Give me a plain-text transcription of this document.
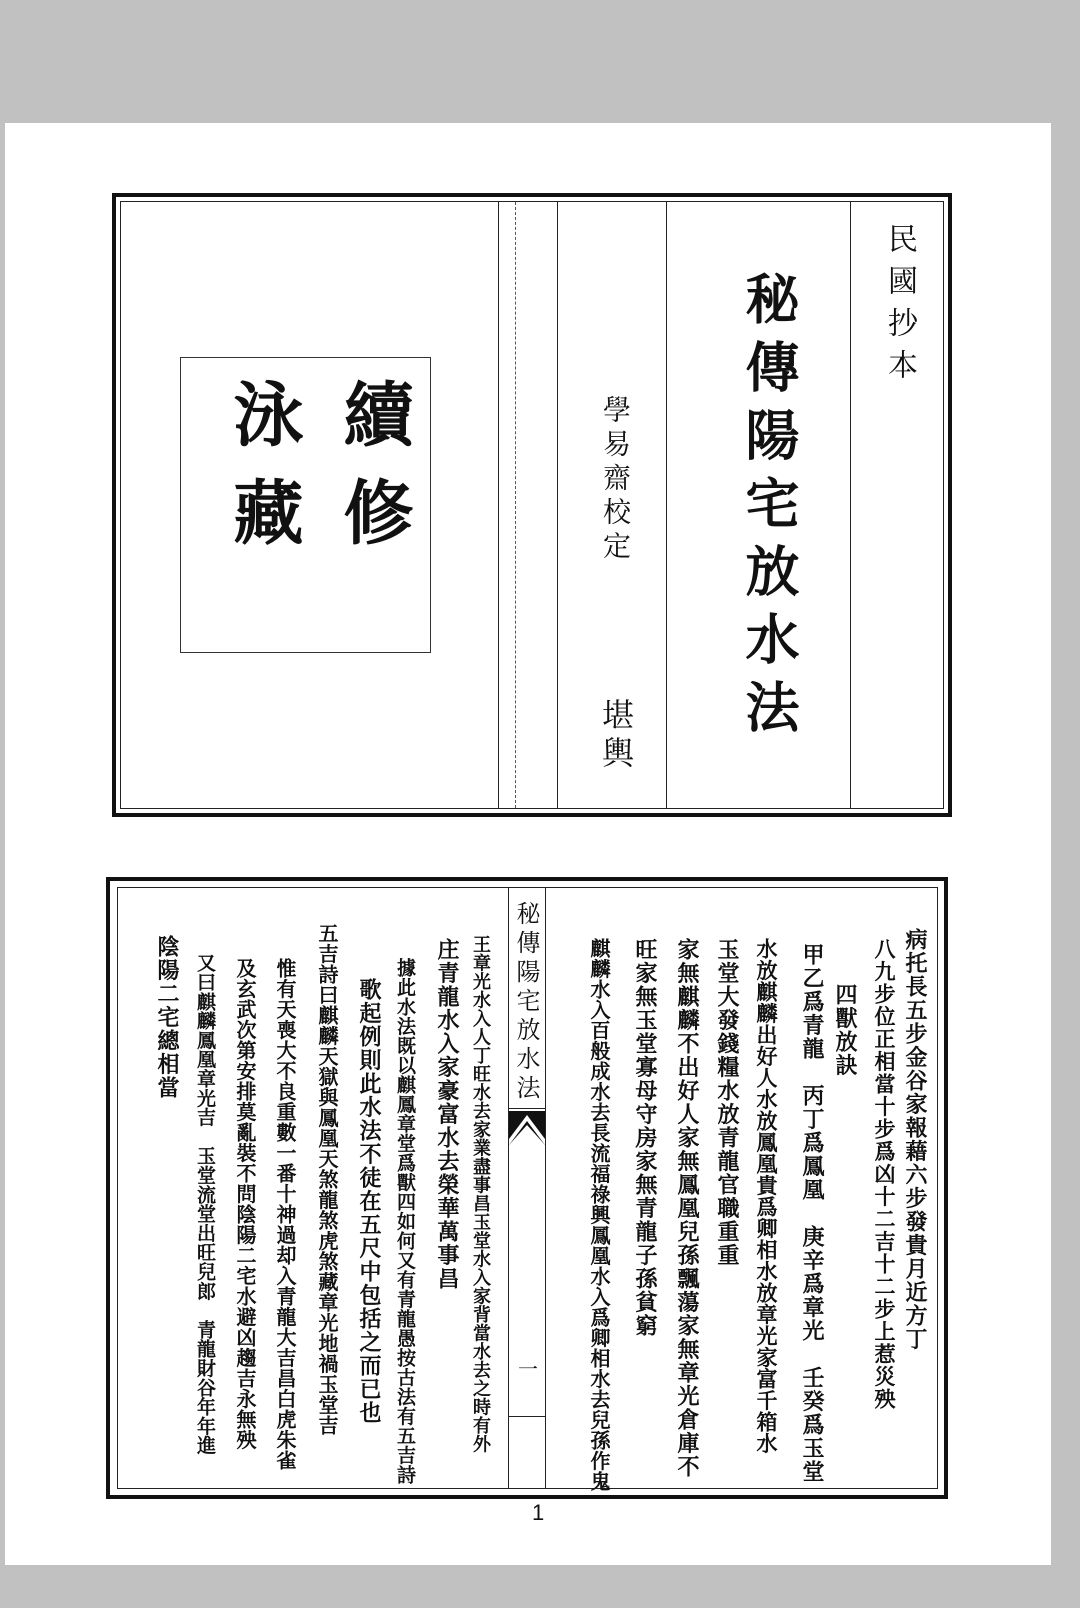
民國抄本
秘傳陽宅放水法
學易齋校定
堪輿
續修
泳藏
秘傳陽宅放水法
一
病托長五步金谷家報藉六步發貴月近方丁
八九步位正相當十步爲凶十二吉十二步上惹災殃
四獸放訣
甲乙爲青龍　丙丁爲鳳凰　庚辛爲章光　壬癸爲玉堂
水放麒麟出好人水放鳳凰貴爲卿相水放章光家富千箱水
玉堂大發錢糧水放青龍官職重重
家無麒麟不出好人家無鳳凰兒孫飄蕩家無章光倉庫不
旺家無玉堂寡母守房家無青龍子孫貧窮
麒麟水入百般成水去長流福祿興鳳凰水入爲卿相水去兒孫作鬼
王章光水入人丁旺水去家業盡事昌玉堂水入家背當水去之時有外
庄青龍水入家豪富水去榮華萬事昌
據此水法既以麒鳳章堂爲獸四如何又有青龍愚按古法有五吉詩
歌起例則此水法不徒在五尺中包括之而已也
五吉詩曰麒麟天獄與鳳凰天煞龍煞虎煞藏章光地禍玉堂吉
惟有天喪大不良重數一番十神過却入青龍大吉昌白虎朱雀
及玄武次第安排莫亂裝不問陰陽二宅水避凶趨吉永無殃
又曰麒麟鳳凰章光吉　玉堂流堂出旺兒郎　青龍財谷年年進
陰陽二宅總相當
1
